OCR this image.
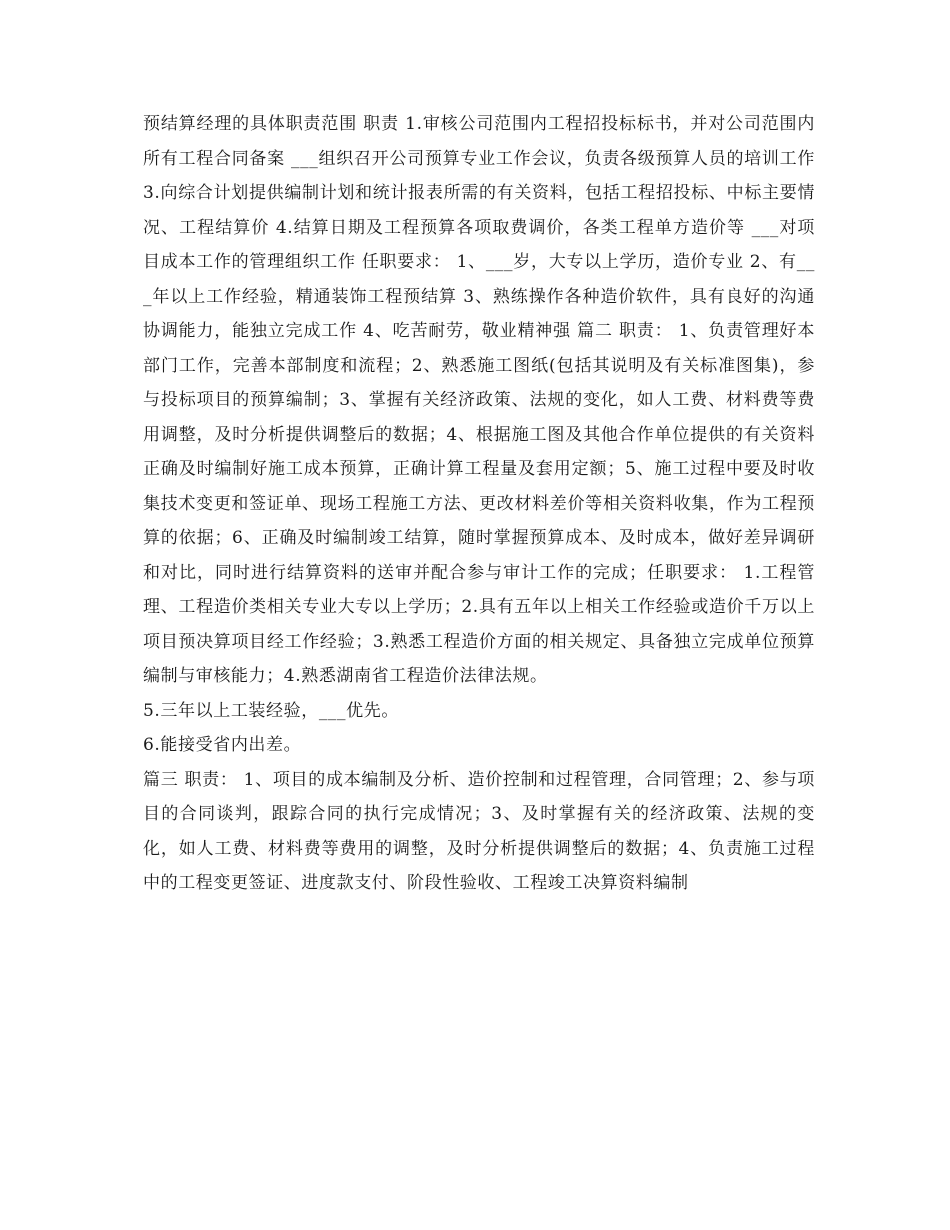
预结算经理的具体职责范围 职责 1.审核公司范围内工程招投标标书，并对公司范围内所有工程合同备案 ___组织召开公司预算专业工作会议，负责各级预算人员的培训工作 3.向综合计划提供编制计划和统计报表所需的有关资料，包括工程招投标、中标主要情况、工程结算价 4.结算日期及工程预算各项取费调价，各类工程单方造价等 ___对项目成本工作的管理组织工作 任职要求： 1、___岁，大专以上学历，造价专业 2、有___年以上工作经验，精通装饰工程预结算 3、熟练操作各种造价软件，具有良好的沟通协调能力，能独立完成工作 4、吃苦耐劳，敬业精神强 篇二 职责： 1、负责管理好本部门工作，完善本部制度和流程；2、熟悉施工图纸(包括其说明及有关标准图集)，参与投标项目的预算编制；3、掌握有关经济政策、法规的变化，如人工费、材料费等费用调整，及时分析提供调整后的数据；4、根据施工图及其他合作单位提供的有关资料正确及时编制好施工成本预算，正确计算工程量及套用定额；5、施工过程中要及时收集技术变更和签证单、现场工程施工方法、更改材料差价等相关资料收集，作为工程预算的依据；6、正确及时编制竣工结算，随时掌握预算成本、及时成本，做好差异调研和对比，同时进行结算资料的送审并配合参与审计工作的完成；任职要求： 1.工程管理、工程造价类相关专业大专以上学历；2.具有五年以上相关工作经验或造价千万以上项目预决算项目经工作经验；3.熟悉工程造价方面的相关规定、具备独立完成单位预算编制与审核能力；4.熟悉湖南省工程造价法律法规。

5.三年以上工装经验，___优先。

6.能接受省内出差。

篇三 职责： 1、项目的成本编制及分析、造价控制和过程管理，合同管理；2、参与项目的合同谈判，跟踪合同的执行完成情况；3、及时掌握有关的经济政策、法规的变化，如人工费、材料费等费用的调整，及时分析提供调整后的数据；4、负责施工过程中的工程变更签证、进度款支付、阶段性验收、工程竣工决算资料编制
